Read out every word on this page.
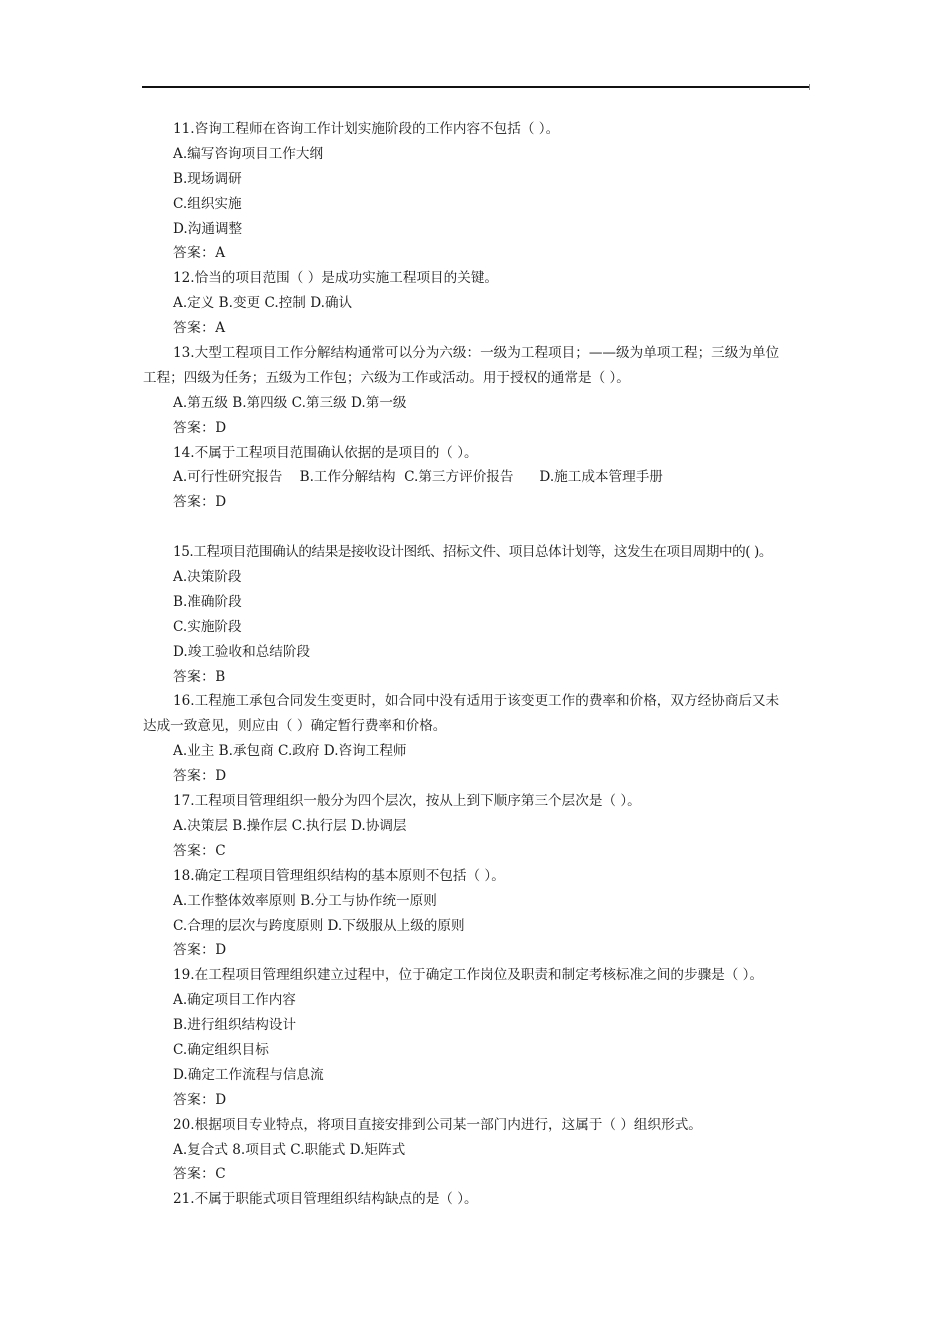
11.咨询工程师在咨询工作计划实施阶段的工作内容不包括（ ）。
A.编写咨询项目工作大纲
B.现场调研
C.组织实施
D.沟通调整
答案：A
12.恰当的项目范围（ ）是成功实施工程项目的关键。
A.定义 B.变更 C.控制 D.确认
答案：A
13.大型工程项目工作分解结构通常可以分为六级：一级为工程项目；——级为单项工程；三级为单位
工程；四级为任务；五级为工作包；六级为工作或活动。用于授权的通常是（ ）。
A.第五级 B.第四级 C.第三级 D.第一级
答案：D
14.不属于工程项目范围确认依据的是项目的（ ）。
A.可行性研究报告    B.工作分解结构  C.第三方评价报告      D.施工成本管理手册
答案：D
15.工程项目范围确认的结果是接收设计图纸、招标文件、项目总体计划等，这发生在项目周期中的( )。
A.决策阶段
B.准确阶段
C.实施阶段
D.竣工验收和总结阶段
答案：B
16.工程施工承包合同发生变更时，如合同中没有适用于该变更工作的费率和价格，双方经协商后又未
达成一致意见，则应由（ ）确定暂行费率和价格。
A.业主 B.承包商 C.政府 D.咨询工程师
答案：D
17.工程项目管理组织一般分为四个层次，按从上到下顺序第三个层次是（ ）。
A.决策层 B.操作层 C.执行层 D.协调层
答案：C
18.确定工程项目管理组织结构的基本原则不包括（ ）。
A.工作整体效率原则 B.分工与协作统一原则
C.合理的层次与跨度原则 D.下级服从上级的原则
答案：D
19.在工程项目管理组织建立过程中，位于确定工作岗位及职责和制定考核标准之间的步骤是（ ）。
A.确定项目工作内容
B.进行组织结构设计
C.确定组织目标
D.确定工作流程与信息流
答案：D
20.根据项目专业特点，将项目直接安排到公司某一部门内进行，这属于（ ）组织形式。
A.复合式 8.项目式 C.职能式 D.矩阵式
答案：C
21.不属于职能式项目管理组织结构缺点的是（ ）。
